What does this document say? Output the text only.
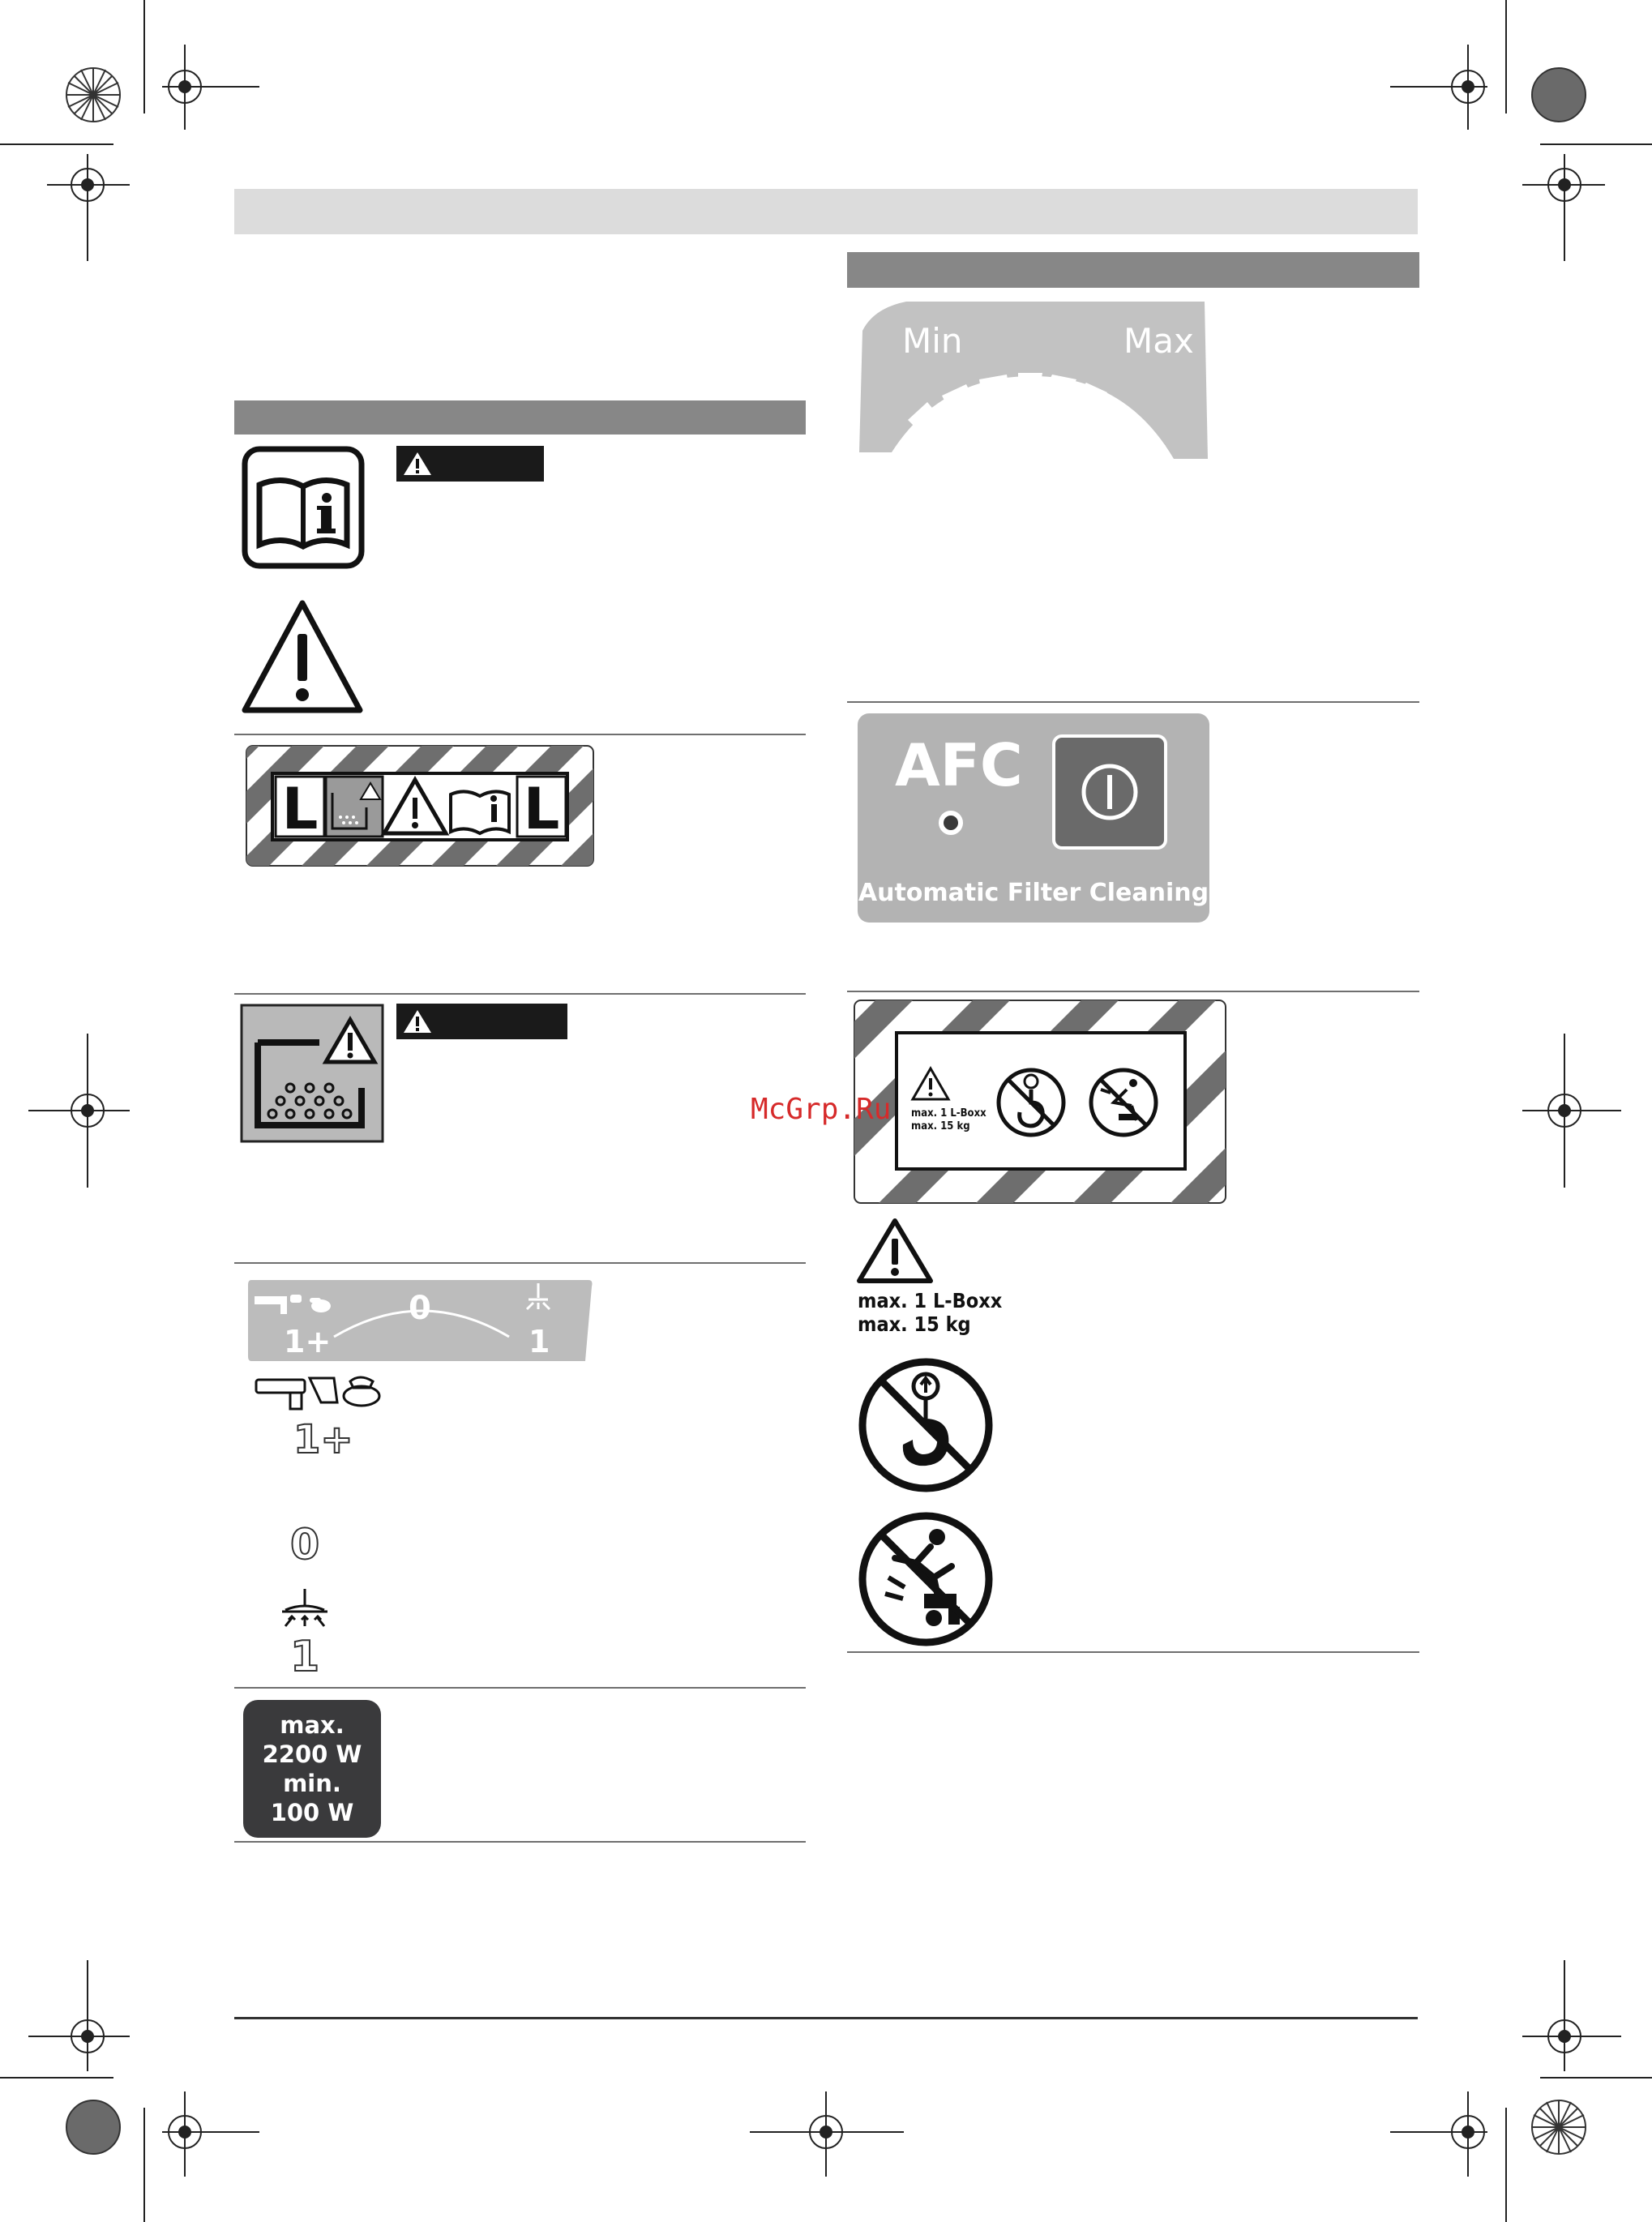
L	L
1+
0
1
1+
0
1
max.
2200 W
min.
100 W
Min	Max
AFC
Automatic Filter Cleaning
max. 1 L-Boxx
max. 15 kg
max. 1 L-Boxx
max. 15 kg
McGrp.Ru
